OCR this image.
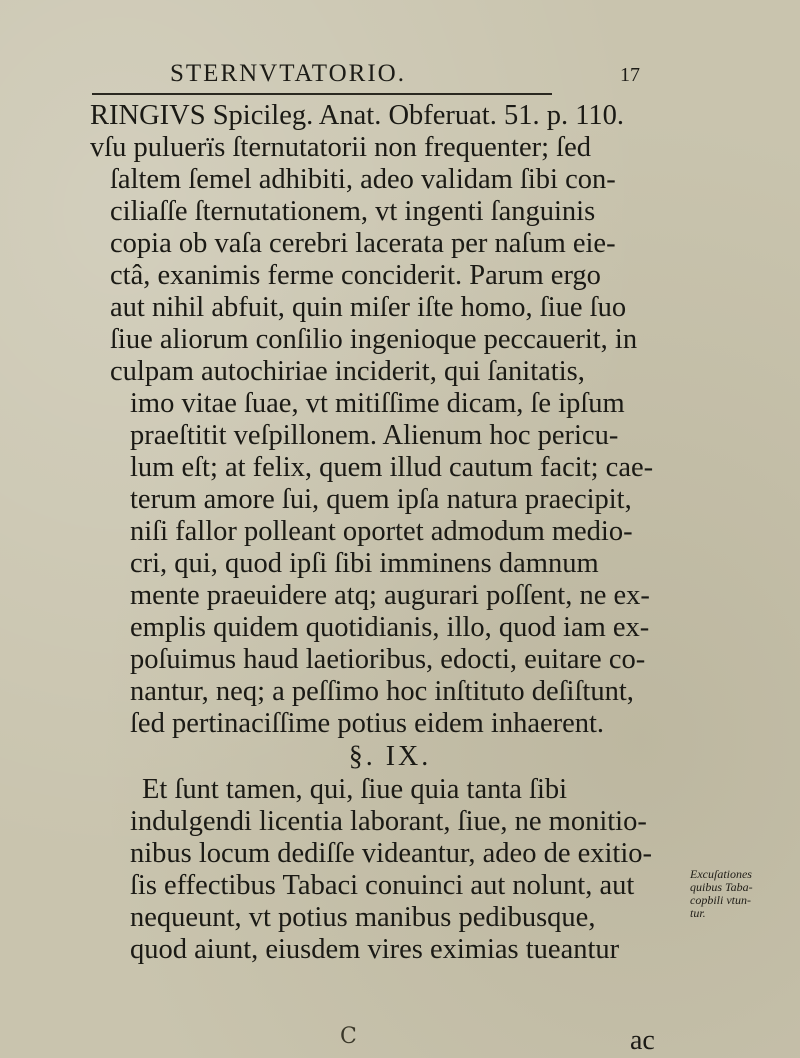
STERNVTATORIO.	17
RINGIVS Spicileg. Anat. Obferuat. 51. p. 110.
vſu puluerïs ſternutatorii non frequenter; ſed
ſaltem ſemel adhibiti, adeo validam ſibi con-
ciliaſſe ſternutationem, vt ingenti ſanguinis
copia ob vaſa cerebri lacerata per naſum eie-
ctâ, exanimis ferme conciderit. Parum ergo
aut nihil abfuit, quin miſer iſte homo, ſiue ſuo
ſiue aliorum conſilio ingenioque peccauerit, in
culpam autochiriae inciderit, qui ſanitatis,
imo vitae ſuae, vt mitiſſime dicam, ſe ipſum
praeſtitit veſpillonem. Alienum hoc pericu-
lum eſt; at felix, quem illud cautum facit; cae-
terum amore ſui, quem ipſa natura praecipit,
niſi fallor polleant oportet admodum medio-
cri, qui, quod ipſi ſibi imminens damnum
mente praeuidere atq; augurari poſſent, ne ex-
emplis quidem quotidianis, illo, quod iam ex-
poſuimus haud laetioribus, edocti, euitare co-
nantur, neq; a peſſimo hoc inſtituto deſiſtunt,
ſed pertinaciſſime potius eidem inhaerent.
§. IX.
Et ſunt tamen, qui, ſiue quia tanta ſibi
indulgendi licentia laborant, ſiue, ne monitio-
nibus locum dediſſe videantur, adeo de exitio-
ſis effectibus Tabaci conuinci aut nolunt, aut
nequeunt, vt potius manibus pedibusque,
quod aiunt, eiusdem vires eximias tueantur
Excuſationes
quibus Taba-
copbili vtun-
tur.
C	ac
